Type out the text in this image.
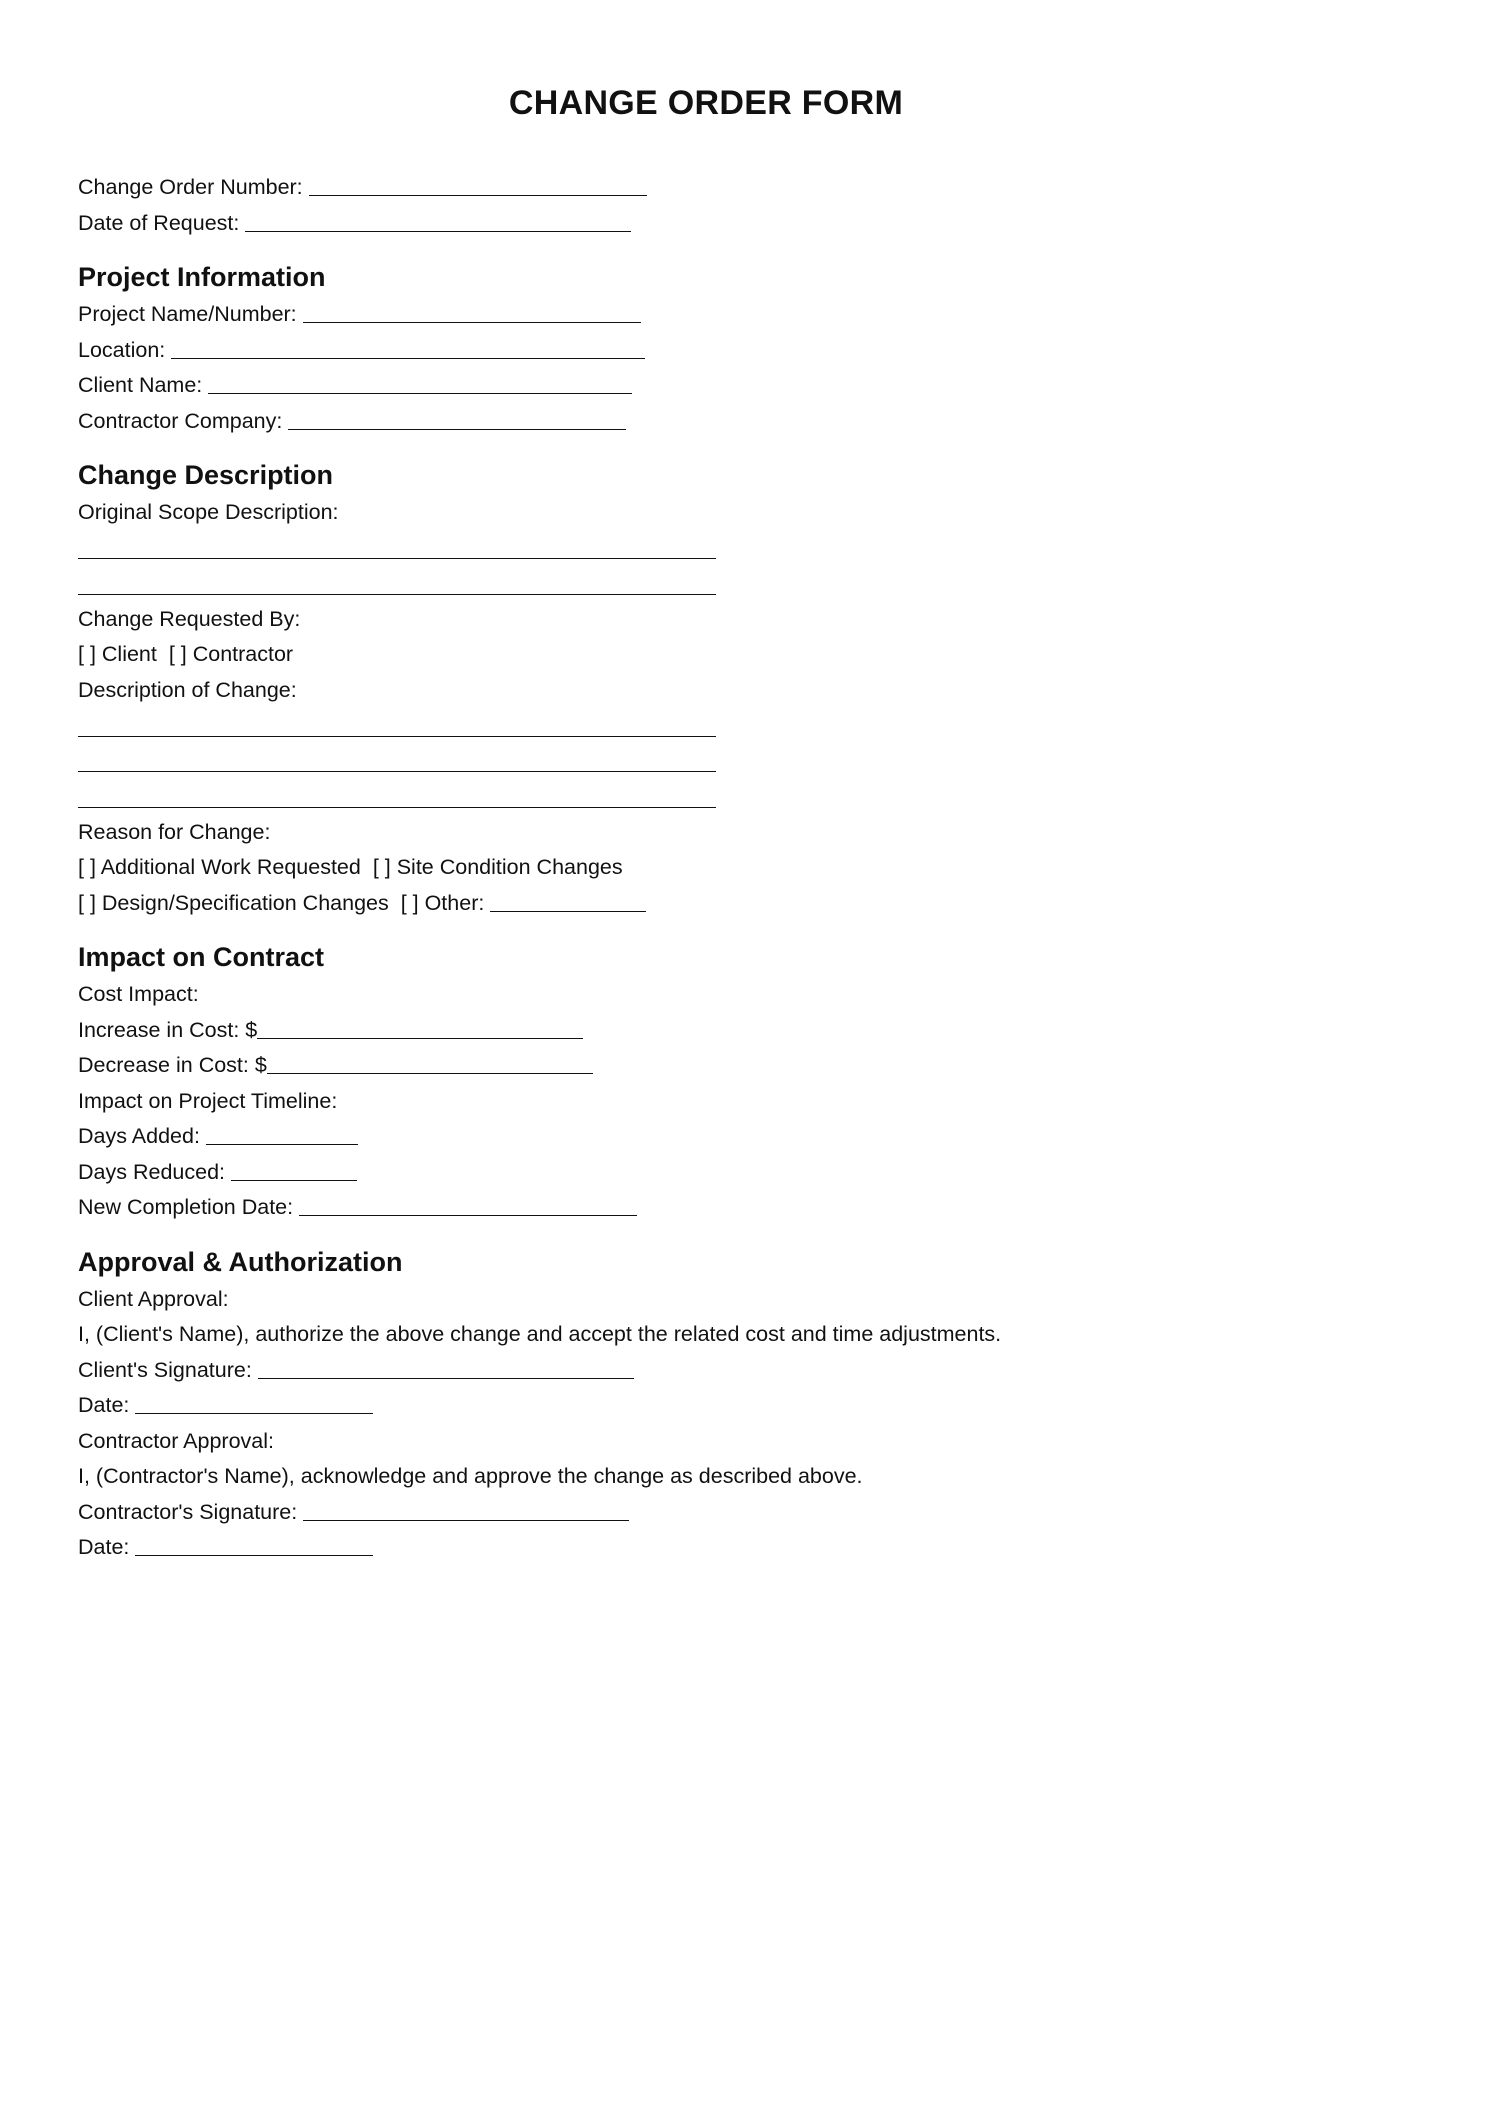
CHANGE ORDER FORM
Change Order Number:
Date of Request:
Project Information
Project Name/Number:
Location:
Client Name:
Contractor Company:
Change Description
Original Scope Description:
Change Requested By:
[ ] Client [ ] Contractor
Description of Change:
Reason for Change:
[ ] Additional Work Requested [ ] Site Condition Changes
[ ] Design/Specification Changes [ ] Other:
Impact on Contract
Cost Impact:
Increase in Cost: $
Decrease in Cost: $
Impact on Project Timeline:
Days Added:
Days Reduced:
New Completion Date:
Approval & Authorization
Client Approval:
I, (Client's Name), authorize the above change and accept the related cost and time adjustments.
Client's Signature:
Date:
Contractor Approval:
I, (Contractor's Name), acknowledge and approve the change as described above.
Contractor's Signature:
Date:
